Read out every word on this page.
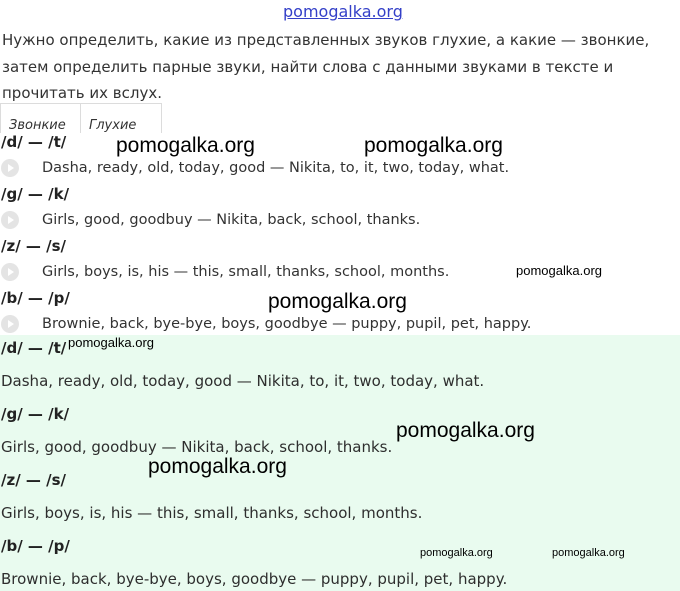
pomogalka.org

Нужно определить, какие из представленных звуков глухие, а какие — звонкие, затем определить парные звуки, найти слова с данными звуками в тексте и прочитать их вслух.

Звонкие	Глухие
/d/ — /t/
Dasha, ready, old, today, good — Nikita, to, it, two, today, what.
/g/ — /k/
Girls, good, goodbuy — Nikita, back, school, thanks.
/z/ — /s/
Girls, boys, is, his — this, small, thanks, school, months.
/b/ — /p/
Brownie, back, bye-bye, boys, goodbye — puppy, pupil, pet, happy.
/d/ — /t/
Dasha, ready, old, today, good — Nikita, to, it, two, today, what.
/g/ — /k/
Girls, good, goodbuy — Nikita, back, school, thanks.
/z/ — /s/
Girls, boys, is, his — this, small, thanks, school, months.
/b/ — /p/
Brownie, back, bye-bye, boys, goodbye — puppy, pupil, pet, happy.
pomogalka.org	pomogalka.org
pomogalka.org
pomogalka.org
pomogalka.org
pomogalka.org
pomogalka.org
pomogalka.org	pomogalka.org
